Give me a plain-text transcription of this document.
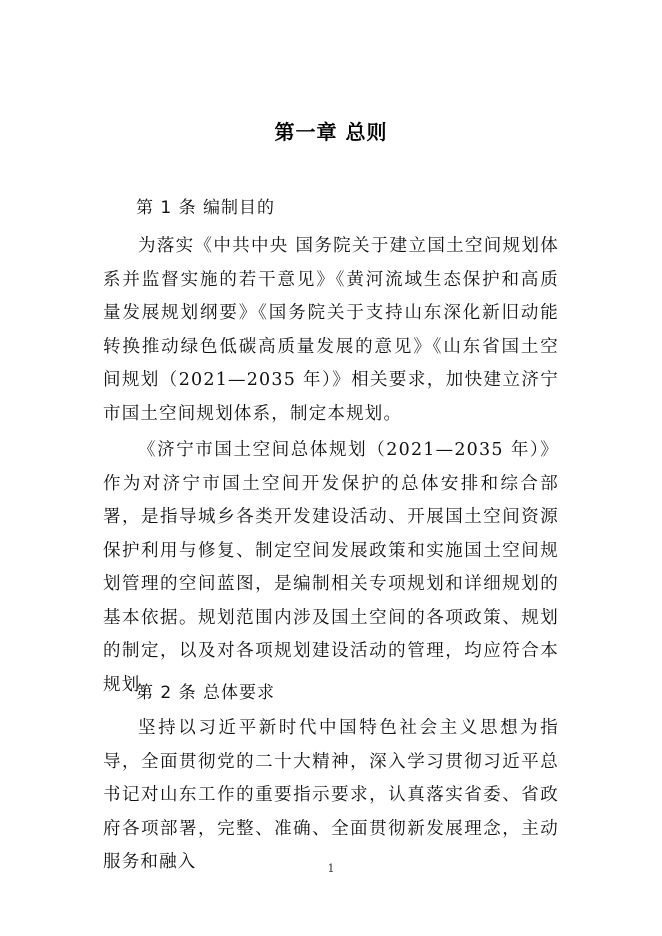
第一章 总则
第 1 条 编制目的

为落实《中共中央 国务院关于建立国土空间规划体系并监督实施的若干意见》《黄河流域生态保护和高质量发展规划纲要》《国务院关于支持山东深化新旧动能转换推动绿色低碳高质量发展的意见》《山东省国土空间规划（2021—2035 年）》相关要求，加快建立济宁市国土空间规划体系，制定本规划。

《济宁市国土空间总体规划（2021—2035 年）》作为对济宁市国土空间开发保护的总体安排和综合部署，是指导城乡各类开发建设活动、开展国土空间资源保护利用与修复、制定空间发展政策和实施国土空间规划管理的空间蓝图，是编制相关专项规划和详细规划的基本依据。规划范围内涉及国土空间的各项政策、规划的制定，以及对各项规划建设活动的管理，均应符合本规划。

第 2 条 总体要求

坚持以习近平新时代中国特色社会主义思想为指导，全面贯彻党的二十大精神，深入学习贯彻习近平总书记对山东工作的重要指示要求，认真落实省委、省政府各项部署，完整、准确、全面贯彻新发展理念，主动服务和融入	1
